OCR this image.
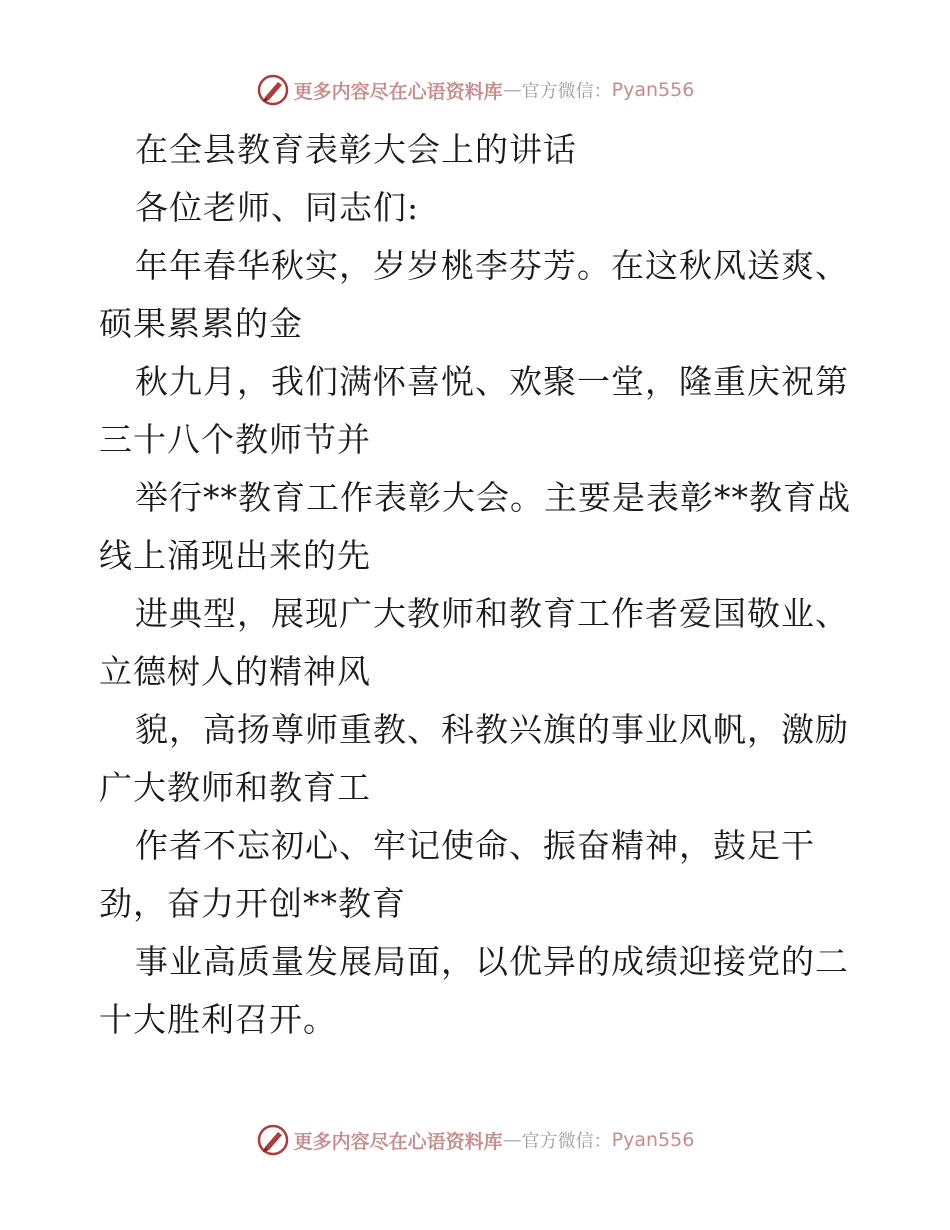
更多内容尽在心语资料库 — 官方微信： Pyan556
在全县教育表彰大会上的讲话
各位老师、同志们:
年年春华秋实，岁岁桃李芬芳。在这秋风送爽、
硕果累累的金
秋九月，我们满怀喜悦、欢聚一堂，隆重庆祝第
三十八个教师节并
举行**教育工作表彰大会。主要是表彰**教育战
线上涌现出来的先
进典型，展现广大教师和教育工作者爱国敬业、
立德树人的精神风
貌，高扬尊师重教、科教兴旗的事业风帆，激励
广大教师和教育工
作者不忘初心、牢记使命、振奋精神，鼓足干
劲，奋力开创**教育
事业高质量发展局面，以优异的成绩迎接党的二
十大胜利召开。
更多内容尽在心语资料库 — 官方微信： Pyan556
